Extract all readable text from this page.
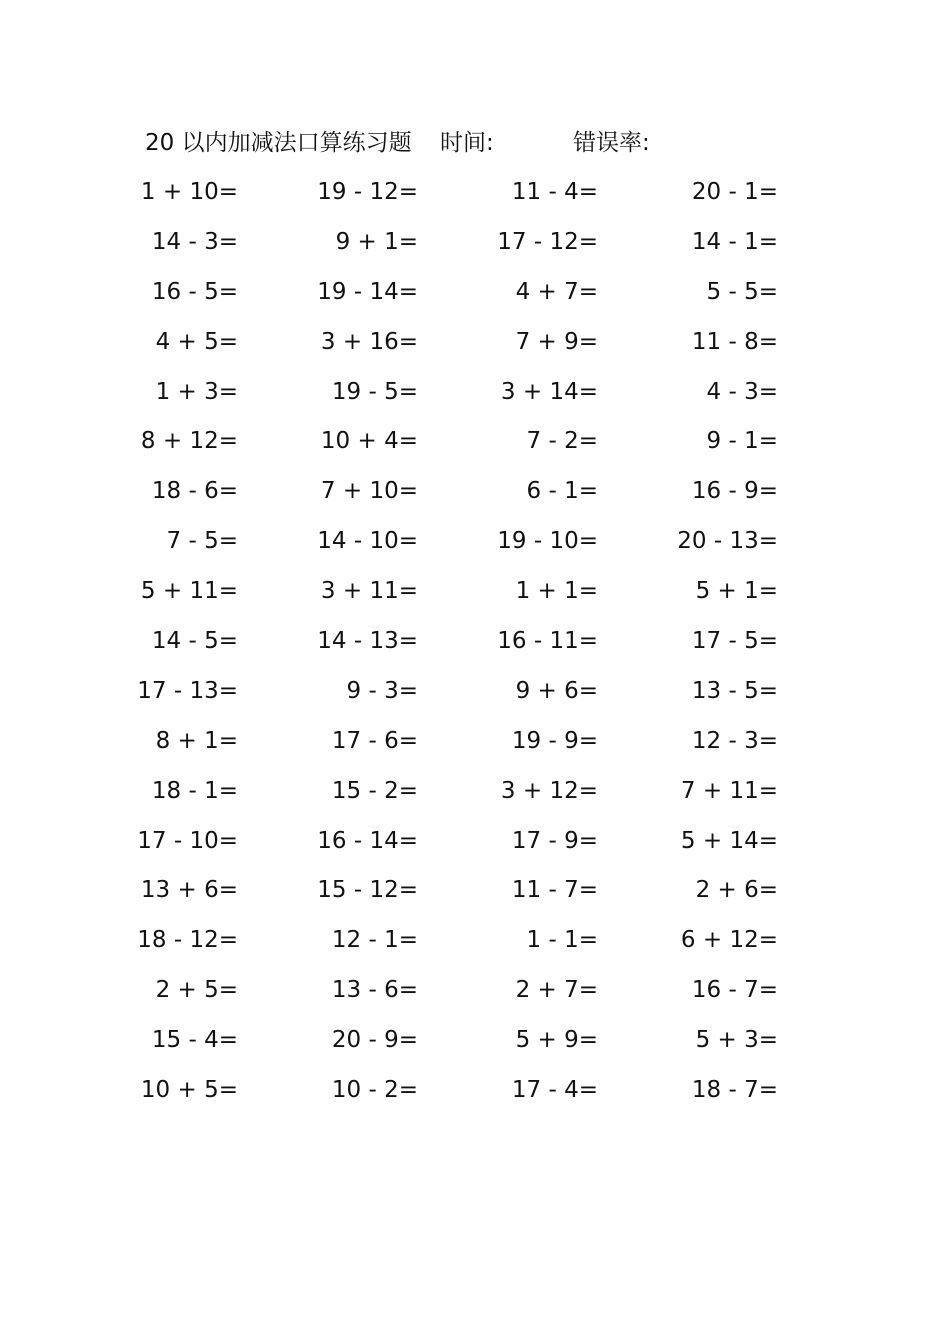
20 以内加减法口算练习题 时间:	错误率:
1 + 10=	19 - 12=	11 - 4=	20 - 1=
14 - 3=	9 + 1=	17 - 12=	14 - 1=
16 - 5=	19 - 14=	4 + 7=	5 - 5=
4 + 5=	3 + 16=	7 + 9=	11 - 8=
1 + 3=	19 - 5=	3 + 14=	4 - 3=
8 + 12=	10 + 4=	7 - 2=	9 - 1=
18 - 6=	7 + 10=	6 - 1=	16 - 9=
7 - 5=	14 - 10=	19 - 10=	20 - 13=
5 + 11=	3 + 11=	1 + 1=	5 + 1=
14 - 5=	14 - 13=	16 - 11=	17 - 5=
17 - 13=	9 - 3=	9 + 6=	13 - 5=
8 + 1=	17 - 6=	19 - 9=	12 - 3=
18 - 1=	15 - 2=	3 + 12=	7 + 11=
17 - 10=	16 - 14=	17 - 9=	5 + 14=
13 + 6=	15 - 12=	11 - 7=	2 + 6=
18 - 12=	12 - 1=	1 - 1=	6 + 12=
2 + 5=	13 - 6=	2 + 7=	16 - 7=
15 - 4=	20 - 9=	5 + 9=	5 + 3=
10 + 5=	10 - 2=	17 - 4=	18 - 7=
